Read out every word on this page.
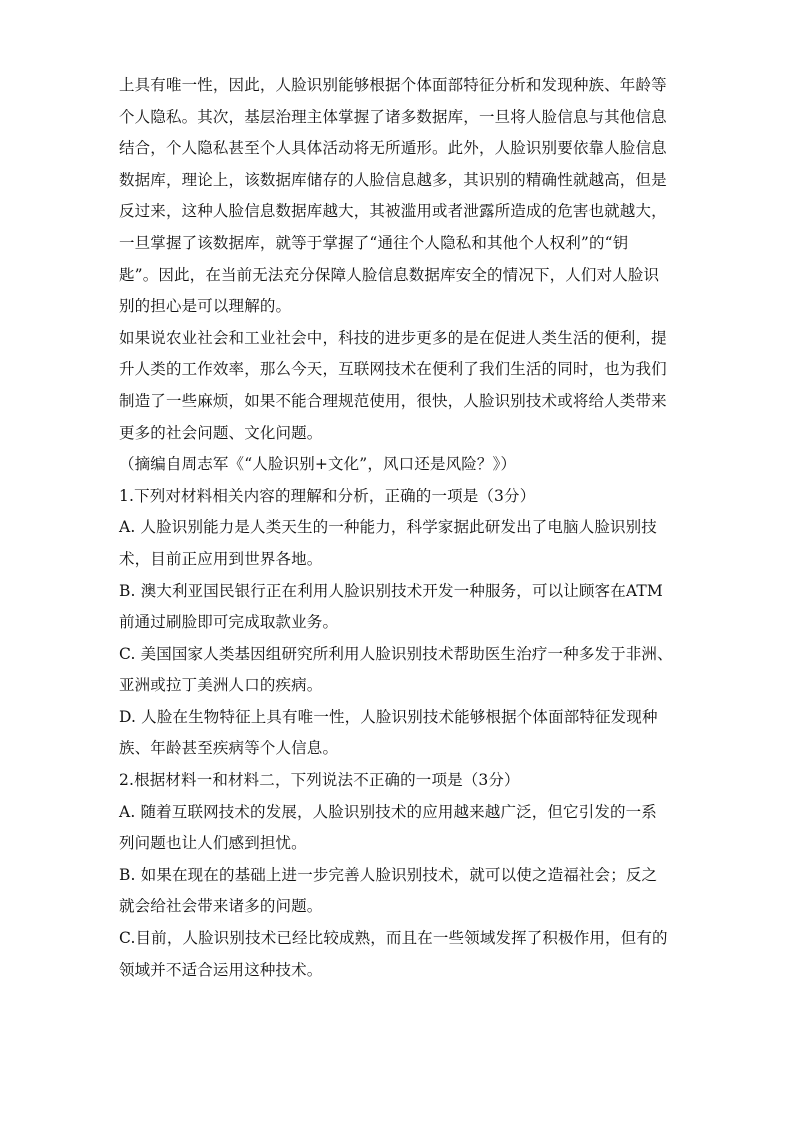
上具有唯一性，因此，人脸识别能够根据个体面部特征分析和发现种族、年龄等
个人隐私。其次，基层治理主体掌握了诸多数据库，一旦将人脸信息与其他信息
结合，个人隐私甚至个人具体活动将无所遁形。此外，人脸识别要依靠人脸信息
数据库，理论上，该数据库储存的人脸信息越多，其识别的精确性就越高，但是
反过来，这种人脸信息数据库越大，其被滥用或者泄露所造成的危害也就越大，
一旦掌握了该数据库，就等于掌握了“通往个人隐私和其他个人权利”的“钥
匙”。因此，在当前无法充分保障人脸信息数据库安全的情况下，人们对人脸识
别的担心是可以理解的。
如果说农业社会和工业社会中，科技的进步更多的是在促进人类生活的便利，提
升人类的工作效率，那么今天，互联网技术在便利了我们生活的同时，也为我们
制造了一些麻烦，如果不能合理规范使用，很快，人脸识别技术或将给人类带来
更多的社会问题、文化问题。
（摘编自周志军《“人脸识别+文化”，风口还是风险？》）
1.下列对材料相关内容的理解和分析，正确的一项是（3分）
A. 人脸识别能力是人类天生的一种能力，科学家据此研发出了电脑人脸识别技
术，目前正应用到世界各地。
B. 澳大利亚国民银行正在利用人脸识别技术开发一种服务，可以让顾客在ATM
前通过刷脸即可完成取款业务。
C. 美国国家人类基因组研究所利用人脸识别技术帮助医生治疗一种多发于非洲、
亚洲或拉丁美洲人口的疾病。
D. 人脸在生物特征上具有唯一性，人脸识别技术能够根据个体面部特征发现种
族、年龄甚至疾病等个人信息。
2.根据材料一和材料二，下列说法不正确的一项是（3分）
A. 随着互联网技术的发展，人脸识别技术的应用越来越广泛，但它引发的一系
列问题也让人们感到担忧。
B. 如果在现在的基础上进一步完善人脸识别技术，就可以使之造福社会；反之
就会给社会带来诸多的问题。
C.目前，人脸识别技术已经比较成熟，而且在一些领域发挥了积极作用，但有的
领域并不适合运用这种技术。
